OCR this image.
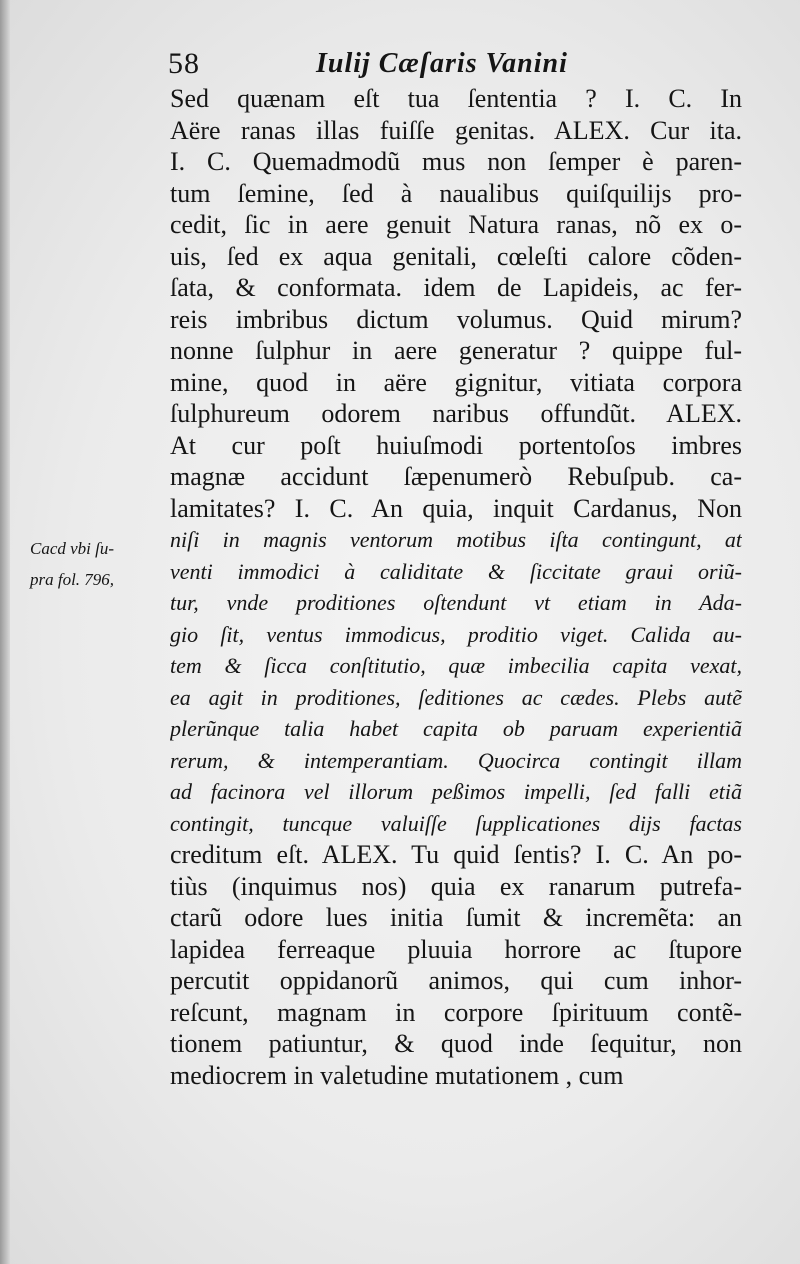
58	Iulij Cæſaris Vanini
Cacd vbi ſu-
pra fol. 796,
Sed quænam eſt tua ſententia ? I. C. In
Aëre ranas illas fuiſſe genitas. ALEX. Cur ita.
I. C. Quemadmodũ mus non ſemper è paren-
tum ſemine, ſed à naualibus quiſquilijs pro-
cedit, ſic in aere genuit Natura ranas, nõ ex o-
uis, ſed ex aqua genitali, cœleſti calore cõden-
ſata, & conformata. idem de Lapideis, ac fer-
reis imbribus dictum volumus. Quid mirum?
nonne ſulphur in aere generatur ? quippe ful-
mine, quod in aëre gignitur, vitiata corpora
ſulphureum odorem naribus offundũt. ALEX.
At cur poſt huiuſmodi portentoſos imbres
magnæ accidunt ſæpenumerò Rebuſpub. ca-
lamitates? I. C. An quia, inquit Cardanus, Non
niſi in magnis ventorum motibus iſta contingunt, at
venti immodici à caliditate & ſiccitate graui oriũ-
tur, vnde proditiones oſtendunt vt etiam in Ada-
gio ſit, ventus immodicus, proditio viget. Calida au-
tem & ſicca conſtitutio, quæ imbecilia capita vexat,
ea agit in proditiones, ſeditiones ac cædes. Plebs autẽ
plerũnque talia habet capita ob paruam experientiã
rerum, & intemperantiam. Quocirca contingit illam
ad facinora vel illorum peßimos impelli, ſed falli etiã
contingit, tuncque valuiſſe ſupplicationes dijs factas
creditum eſt. ALEX. Tu quid ſentis? I. C. An po-
tiùs (inquimus nos) quia ex ranarum putrefa-
ctarũ odore lues initia ſumit & incremẽta: an
lapidea ferreaque pluuia horrore ac ſtupore
percutit oppidanorũ animos, qui cum inhor-
reſcunt, magnam in corpore ſpirituum contẽ-
tionem patiuntur, & quod inde ſequitur, non
mediocrem in valetudine mutationem , cum
